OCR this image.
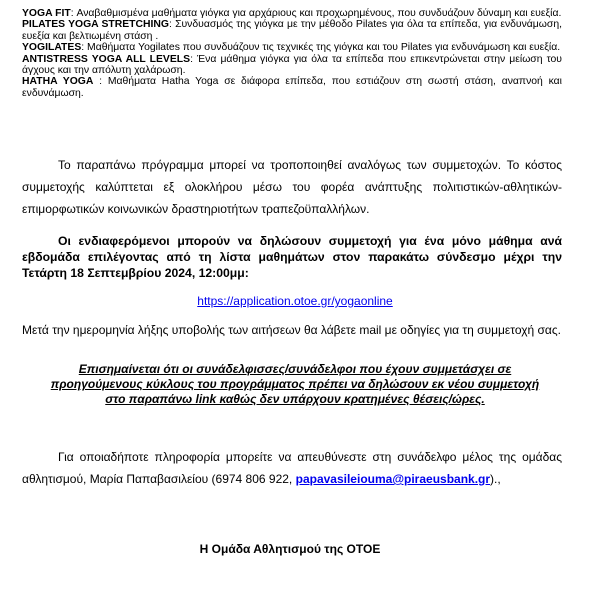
YOGA FIT: Αναβαθμισμένα μαθήματα γιόγκα για αρχάριους και προχωρημένους, που συνδυάζουν δύναμη και ευεξία.

PILATES YOGA STRETCHING: Συνδυασμός της γιόγκα με την μέθοδο Pilates για όλα τα επίπεδα, για ενδυνάμωση, ευεξία και βελτιωμένη στάση .

YOGILATES: Μαθήματα Yogilates που συνδυάζουν τις τεχνικές της γιόγκα και του Pilates για ενδυνάμωση και ευεξία.

ANTISTRESS YOGA ALL LEVELS: Ένα μάθημα γιόγκα για όλα τα επίπεδα που επικεντρώνεται στην μείωση του άγχους και την απόλυτη χαλάρωση.

HATHA YOGA : Μαθήματα Hatha Yoga σε διάφορα επίπεδα, που εστιάζουν στη σωστή στάση, αναπνοή και ενδυνάμωση.

Το παραπάνω πρόγραμμα μπορεί να τροποποιηθεί αναλόγως των συμμετοχών. Το κόστος συμμετοχής καλύπτεται εξ ολοκλήρου μέσω του φορέα ανάπτυξης πολιτιστικών-αθλητικών-επιμορφωτικών κοινωνικών δραστηριοτήτων τραπεζοϋπαλλήλων.

Οι ενδιαφερόμενοι μπορούν να δηλώσουν συμμετοχή για ένα μόνο μάθημα ανά εβδομάδα επιλέγοντας από τη λίστα μαθημάτων στον παρακάτω σύνδεσμο μέχρι την Τετάρτη 18 Σεπτεμβρίου 2024, 12:00μμ:

https://application.otoe.gr/yogaonline

Μετά την ημερομηνία λήξης υποβολής των αιτήσεων θα λάβετε mail με οδηγίες για τη συμμετοχή σας.

Επισημαίνεται ότι οι συνάδελφισσες/συνάδελφοι που έχουν συμμετάσχει σε προηγούμενους κύκλους του προγράμματος πρέπει να δηλώσουν εκ νέου συμμετοχή στο παραπάνω link καθώς δεν υπάρχουν κρατημένες θέσεις/ώρες.

Για οποιαδήποτε πληροφορία μπορείτε να απευθύνεστε στη συνάδελφο μέλος της ομάδας αθλητισμού, Μαρία Παπαβασιλείου (6974 806 922, papavasileiouma@piraeusbank.gr).,

Η Ομάδα Αθλητισμού της ΟΤΟΕ
